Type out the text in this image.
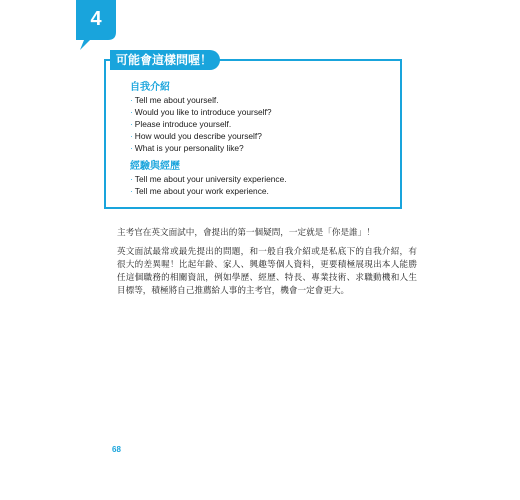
4
可能會這樣問喔！
自我介紹
· Tell me about yourself.
· Would you like to introduce yourself?
· Please introduce yourself.
· How would you describe yourself?
· What is your personality like?
經驗與經歷
· Tell me about your university experience.
· Tell me about your work experience.
主考官在英文面試中，會提出的第一個疑問，一定就是「你是誰」！
英文面試最常或最先提出的問題，和一般自我介紹或是私底下的自我介紹，有很大的差異喔！比起年齡、家人、興趣等個人資料，更要積極展現出本人能勝任這個職務的相關資訊，例如學歷、經歷、特長、專業技術、求職動機和人生目標等，積極將自己推薦給人事的主考官，機會一定會更大。
68
